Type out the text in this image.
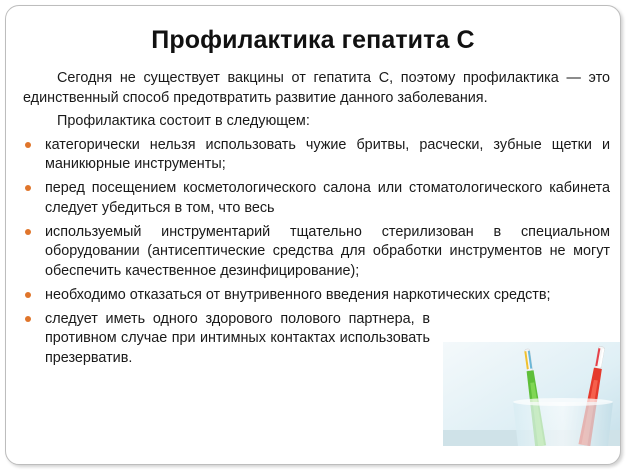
Профилактика гепатита С

Сегодня не существует вакцины от гепатита С, поэтому профилактика — это единственный способ предотвратить развитие данного заболевания.

Профилактика состоит в следующем:

категорически нельзя использовать чужие бритвы, расчески, зубные щетки и маникюрные инструменты;
перед посещением косметологического салона или стоматологического кабинета следует убедиться в том, что весь
используемый инструментарий тщательно стерилизован в специальном оборудовании (антисептические средства для обработки инструментов не могут обеспечить качественное дезинфицирование);
необходимо отказаться от внутривенного введения наркотических средств;
следует иметь одного здорового полового партнера, в противном случае при интимных контактах использовать презерватив.
